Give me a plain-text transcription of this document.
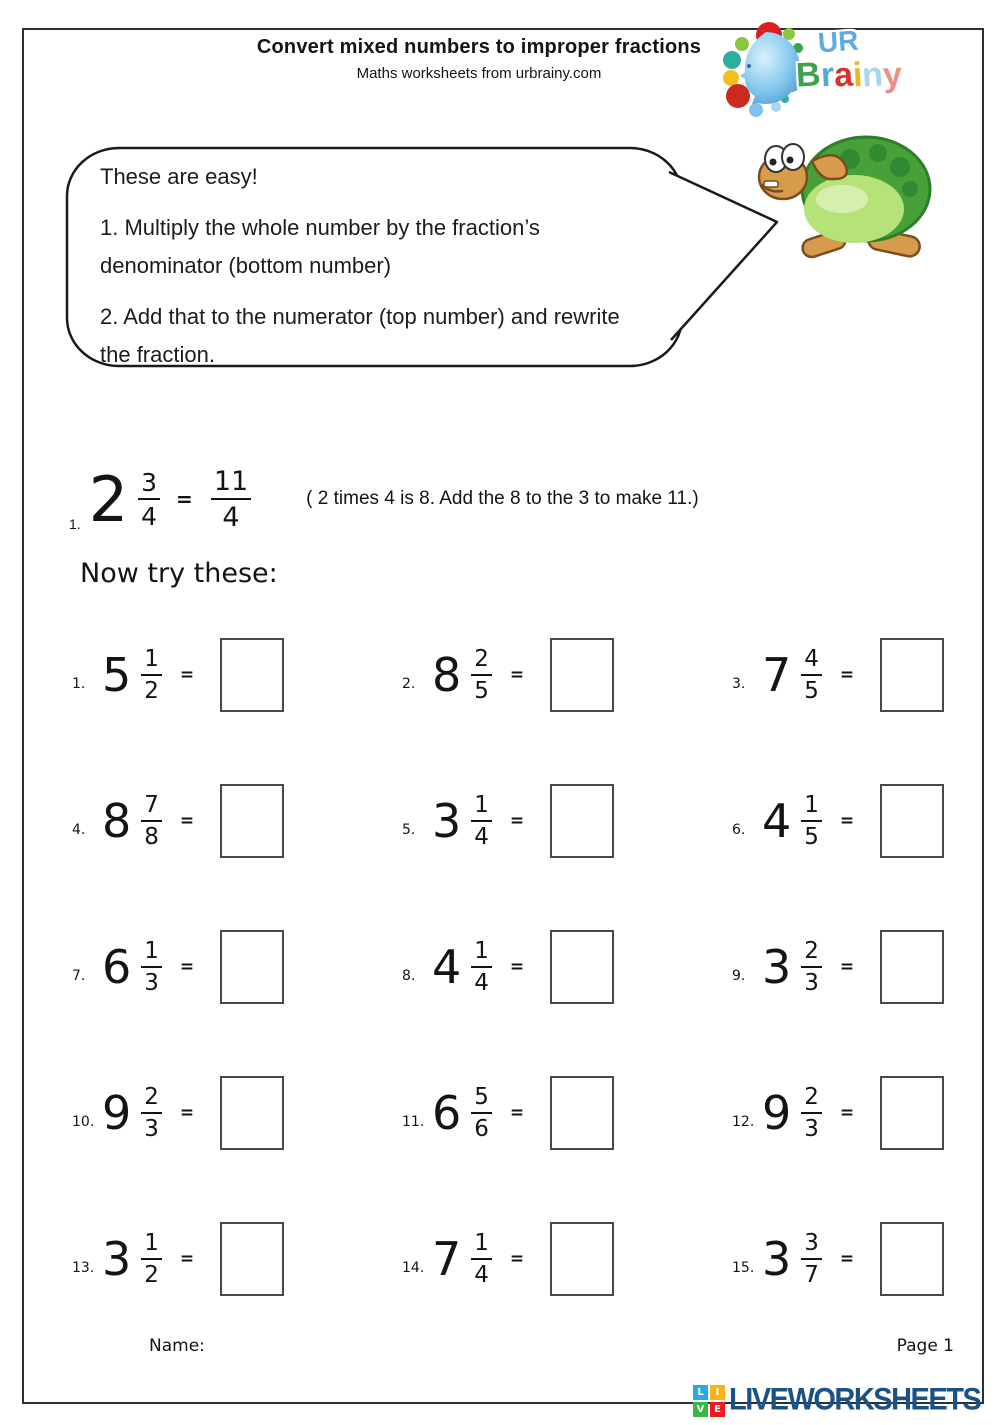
Convert mixed numbers to improper fractions
Maths worksheets from urbrainy.com
UR
Brainy

These are easy!

1. Multiply the whole number by the fraction’s denominator (bottom number)

2. Add that to the numerator (top number) and rewrite the fraction.

1. $2 \frac{3}{4} = \frac{11}{4}$	( 2 times 4 is 8. Add the 8 to the 3 to make 11.)
Now try these:
1. $5 \frac{1}{2}$ =	2. $8 \frac{2}{5}$ =	3. $7 \frac{4}{5}$ =
4. $8 \frac{7}{8}$ =	5. $3 \frac{1}{4}$ =	6. $4 \frac{1}{5}$ =
7. $6 \frac{1}{3}$ =	8. $4 \frac{1}{4}$ =	9. $3 \frac{2}{3}$ =
10. $9 \frac{2}{3}$ =	11. $6 \frac{5}{6}$ =	12. $9 \frac{2}{3}$ =
13. $3 \frac{1}{2}$ =	14. $7 \frac{1}{4}$ =	15. $3 \frac{3}{7}$ =
Name:	Page 1
L	I
V E LIVEWORKSHEETS
